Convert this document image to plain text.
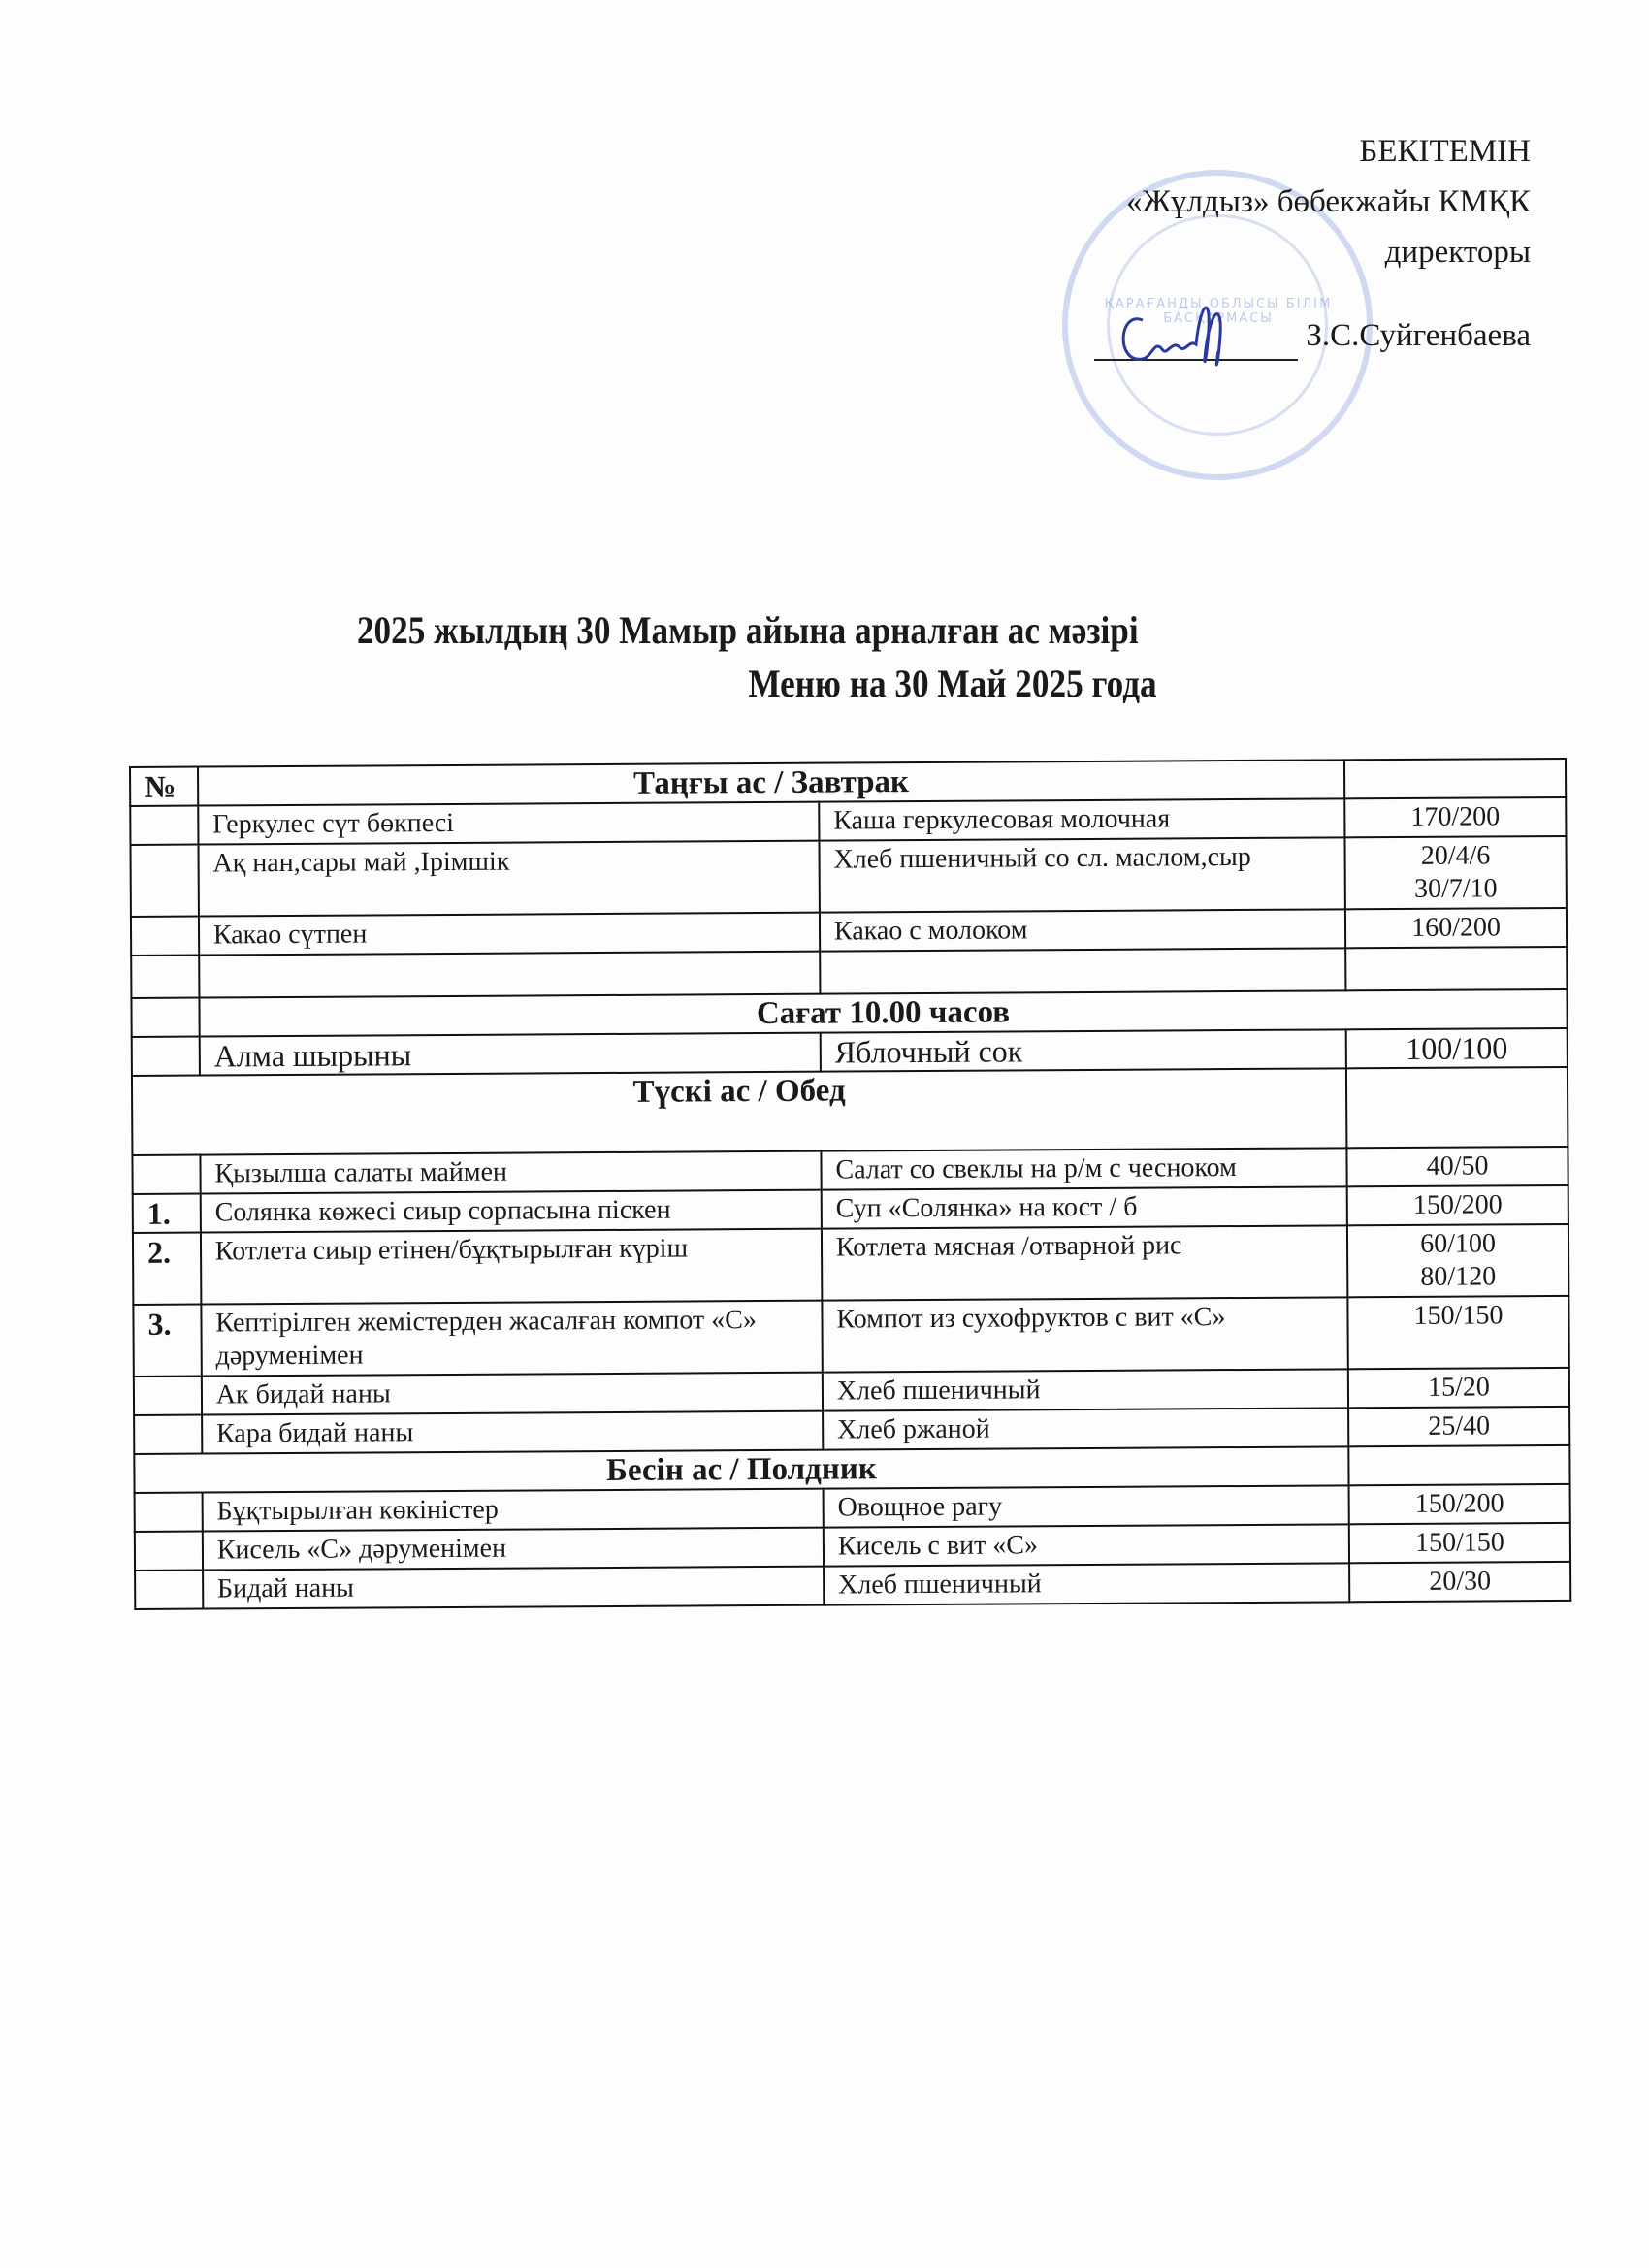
ҚАРАҒАНДЫ ОБЛЫСЫ БІЛІМ БАСҚАРМАСЫ
БЕКІТЕМІН
«Жұлдыз» бөбекжайы КМҚК
директоры
З.С.Суйгенбаева
2025 жылдың 30 Мамыр айына арналған ас мәзірі
Меню на 30 Май 2025 года
№	Таңғы ас / Завтрак		
	Геркулес сүт бөкпесі	Каша геркулесовая молочная	170/200

	Ақ нан,сары май ,Ірімшік	Хлеб пшеничный со сл. маслом,сыр	20/4/6
30/7/10

	Какао сүтпен	Какао с молоком	160/200

	Сағат 10.00 часов		
	Алма шырыны	Яблочный сок	100/100

Түскі ас / Обед			
	Қызылша салаты маймен	Салат со свеклы на р/м с чесноком	40/50

1.	Солянка көжесі сиыр сорпасына піскен	Суп «Солянка» на кост / б	150/200

2.	Котлета сиыр етінен/бұқтырылған күріш	Котлета мясная /отварной рис	60/100
80/120

3.	Кептірілген жемістерден жасалған компот «С» дәруменімен	Компот из сухофруктов с вит «С»	150/150

	Ак бидай наны	Хлеб пшеничный	15/20

	Кара бидай наны	Хлеб ржаной	25/40

Бесін ас / Полдник			
	Бұқтырылған көкіністер	Овощное рагу	150/200

	Кисель «С» дәруменімен	Кисель с вит «С»	150/150

	Бидай наны	Хлеб пшеничный	20/30
